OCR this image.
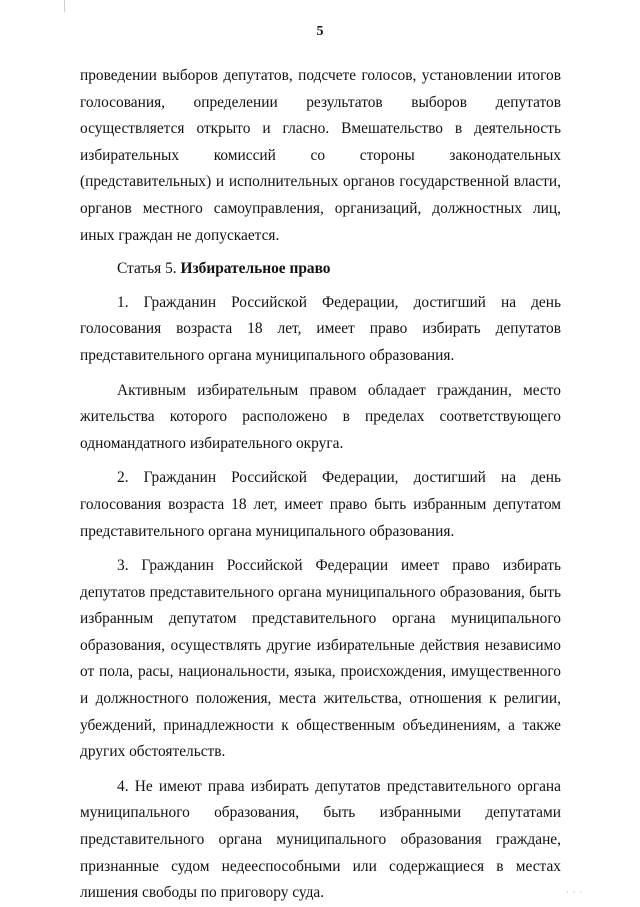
5

проведении выборов депутатов, подсчете голосов, установлении итогов голосования, определении результатов выборов депутатов осуществляется открыто и гласно. Вмешательство в деятельность избирательных комиссий со стороны законодательных (представительных) и исполнительных органов государственной власти, органов местного самоуправления, организаций, должностных лиц, иных граждан не допускается.

Статья 5. Избирательное право

1. Гражданин Российской Федерации, достигший на день голосования возраста 18 лет, имеет право избирать депутатов представительного органа муниципального образования.

Активным избирательным правом обладает гражданин, место жительства которого расположено в пределах соответствующего одномандатного избирательного округа.

2. Гражданин Российской Федерации, достигший на день голосования возраста 18 лет, имеет право быть избранным депутатом представительного органа муниципального образования.

3. Гражданин Российской Федерации имеет право избирать депутатов представительного органа муниципального образования, быть избранным депутатом представительного органа муниципального образования, осуществлять другие избирательные действия независимо от пола, расы, национальности, языка, происхождения, имущественного и должностного положения, места жительства, отношения к религии, убеждений, принадлежности к общественным объединениям, а также других обстоятельств.

4. Не имеют права избирать депутатов представительного органа муниципального образования, быть избранными депутатами представительного органа муниципального образования граждане, признанные судом недееспособными или содержащиеся в местах лишения свободы по приговору суда.	· · ·
